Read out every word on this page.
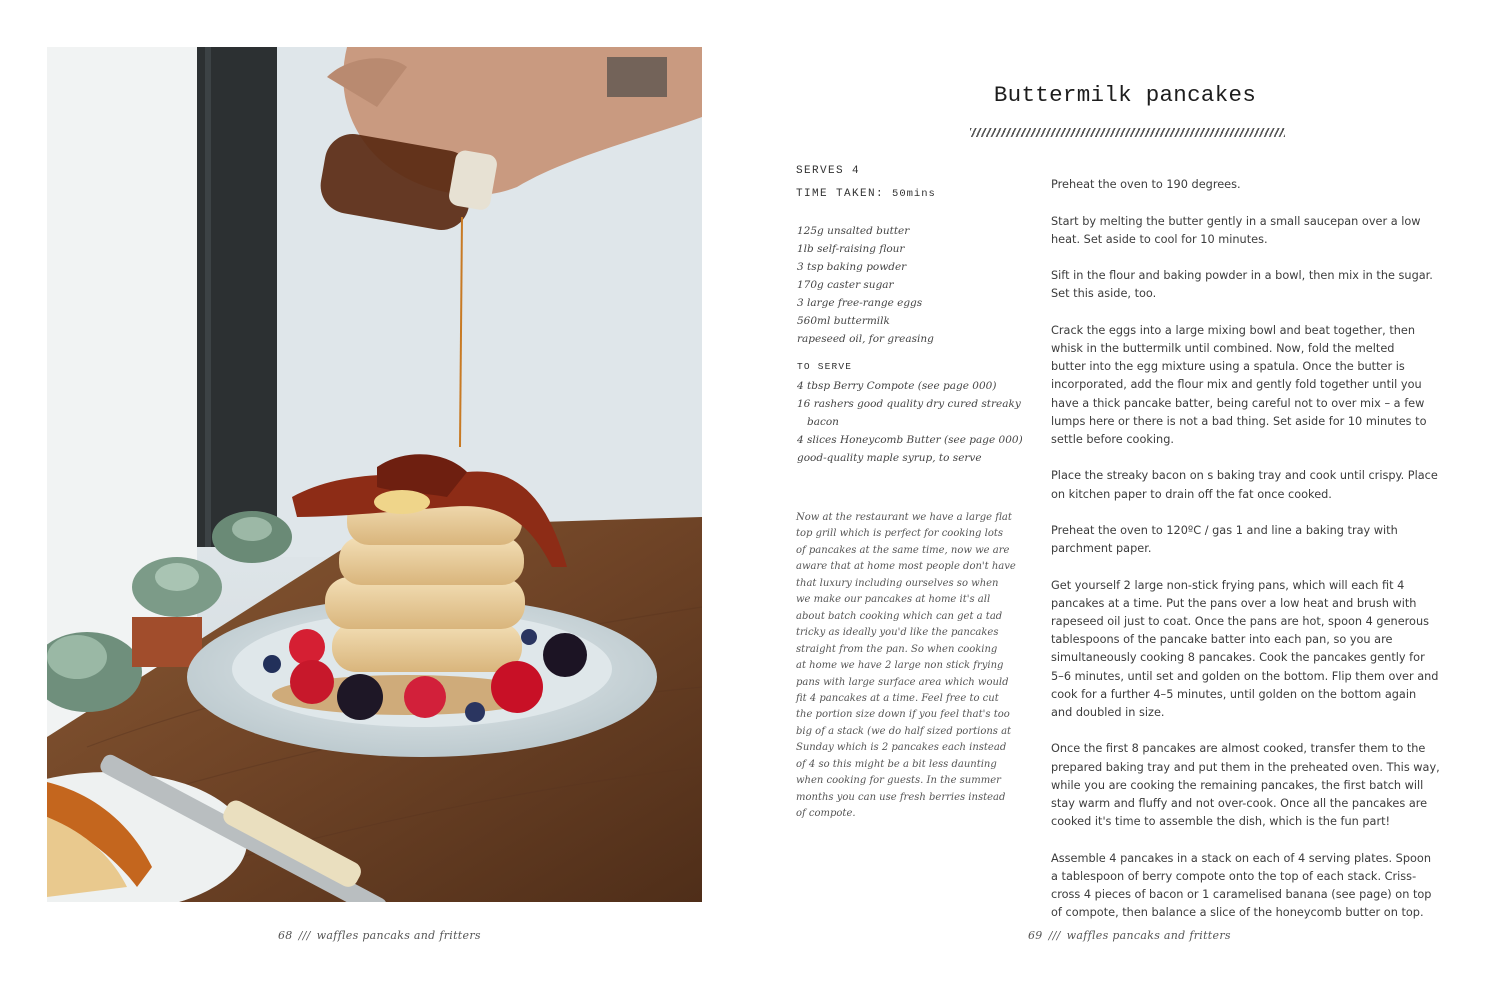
68 /// waffles pancaks and fritters
Buttermilk pancakes
SERVES 4
TIME TAKEN: 50mins
125g unsalted butter
1lb self-raising flour
3 tsp baking powder
170g caster sugar
3 large free-range eggs
560ml buttermilk
rapeseed oil, for greasing
TO SERVE
4 tbsp Berry Compote (see page 000)
16 rashers good quality dry cured streaky
bacon
4 slices Honeycomb Butter (see page 000)
good-quality maple syrup, to serve
Now at the restaurant we have a large flat
top grill which is perfect for cooking lots
of pancakes at the same time, now we are
aware that at home most people don't have
that luxury including ourselves so when
we make our pancakes at home it's all
about batch cooking which can get a tad
tricky as ideally you'd like the pancakes
straight from the pan. So when cooking
at home we have 2 large non stick frying
pans with large surface area which would
fit 4 pancakes at a time. Feel free to cut
the portion size down if you feel that's too
big of a stack (we do half sized portions at
Sunday which is 2 pancakes each instead
of 4 so this might be a bit less daunting
when cooking for guests. In the summer
months you can use fresh berries instead
of compote.

Preheat the oven to 190 degrees.

Start by melting the butter gently in a small saucepan over a low
heat. Set aside to cool for 10 minutes.

Sift in the flour and baking powder in a bowl, then mix in the sugar.
Set this aside, too.

Crack the eggs into a large mixing bowl and beat together, then
whisk in the buttermilk until combined. Now, fold the melted
butter into the egg mixture using a spatula. Once the butter is
incorporated, add the flour mix and gently fold together until you
have a thick pancake batter, being careful not to over mix – a few
lumps here or there is not a bad thing. Set aside for 10 minutes to
settle before cooking.

Place the streaky bacon on s baking tray and cook until crispy. Place
on kitchen paper to drain off the fat once cooked.

Preheat the oven to 120ºC / gas 1 and line a baking tray with
parchment paper.

Get yourself 2 large non-stick frying pans, which will each fit 4
pancakes at a time. Put the pans over a low heat and brush with
rapeseed oil just to coat. Once the pans are hot, spoon 4 generous
tablespoons of the pancake batter into each pan, so you are
simultaneously cooking 8 pancakes. Cook the pancakes gently for
5–6 minutes, until set and golden on the bottom. Flip them over and
cook for a further 4–5 minutes, until golden on the bottom again
and doubled in size.

Once the first 8 pancakes are almost cooked, transfer them to the
prepared baking tray and put them in the preheated oven. This way,
while you are cooking the remaining pancakes, the first batch will
stay warm and fluffy and not over-cook. Once all the pancakes are
cooked it's time to assemble the dish, which is the fun part!

Assemble 4 pancakes in a stack on each of 4 serving plates. Spoon
a tablespoon of berry compote onto the top of each stack. Criss-
cross 4 pieces of bacon or 1 caramelised banana (see page) on top
of compote, then balance a slice of the honeycomb butter on top.

69 /// waffles pancaks and fritters
